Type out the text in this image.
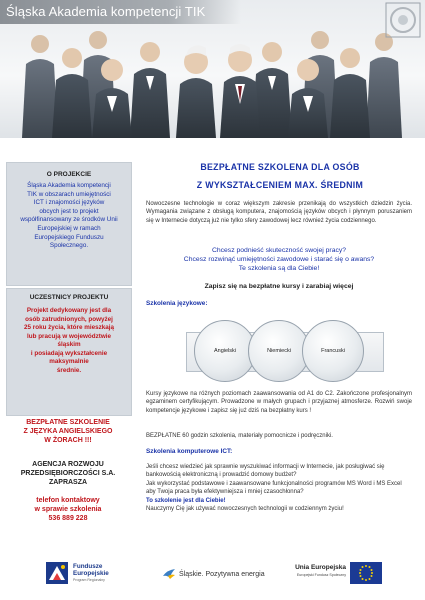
Śląska Akademia kompetencji TIK
O PROJEKCIE
Śląska Akademia kompetencji
TIK w obszarach umiejętności
ICT i znajomości języków
obcych jest to projekt
współfinansowany ze środków Unii
Europejskiej w ramach
Europejskiego Funduszu
Społecznego.
UCZESTNICY PROJEKTU
Projekt dedykowany jest dla
osób zatrudnionych, powyżej
25 roku życia, które mieszkają
lub pracują w województwie
śląskim
i posiadają wykształcenie
maksymalnie
średnie.
BEZPŁATNE SZKOLENIE
Z JĘZYKA ANGIELSKIEGO
W ŻORACH !!!
AGENCJA ROZWOJU
PRZEDSIĘBIORCZOŚCI S.A.
ZAPRASZA
telefon kontaktowy
w sprawie szkolenia
536 889 228
BEZPŁATNE SZKOLENA DLA OSÓB
Z WYKSZTAŁCENIEM MAX. ŚREDNIM
Nowoczesne technologie w coraz większym zakresie przenikają do wszystkich dziedzin życia. Wymagania związane z obsługą komputera, znajomością języków obcych i płynnym poruszaniem się w Internecie dotyczą już nie tylko sfery zawodowej lecz również życia codziennego.
Chcesz podnieść skuteczność swojej pracy?
Chcesz rozwinąć umiejętności zawodowe i starać się o awans?
Te szkolenia są dla Ciebie!
Zapisz się na bezpłatne kursy i zarabiaj więcej
Szkolenia językowe:
Angielski	Niemiecki	Francuski
Kursy językowe na różnych poziomach zaawansowania od A1 do C2. Zakończone profesjonalnym egzaminem certyfikującym. Prowadzone w małych grupach i przyjaznej atmosferze. Rozwiń swoje kompetencje językowe i zapisz się już dziś na bezpłatny kurs !
BEZPŁATNE 60 godzin szkolenia, materiały pomocnicze i podręczniki.
Szkolenia komputerowe ICT:
Jeśli chcesz wiedzieć jak sprawnie wyszukiwać informacji w Internecie, jak posługiwać się bankowością elektroniczną i prowadzić domowy budżet?
Jak wykorzystać podstawowe i zaawansowane funkcjonalności programów MS Word i MS Excel aby Twoja praca była efektywniejsza i mniej czasochłonna?
To szkolenie jest dla Ciebie!
Nauczymy Cię jak używać nowoczesnych technologii w codziennym życiu!
Fundusze
Europejskie
Program Regionalny
Śląskie. Pozytywna energia
Unia Europejska
Europejski Fundusz Społeczny
